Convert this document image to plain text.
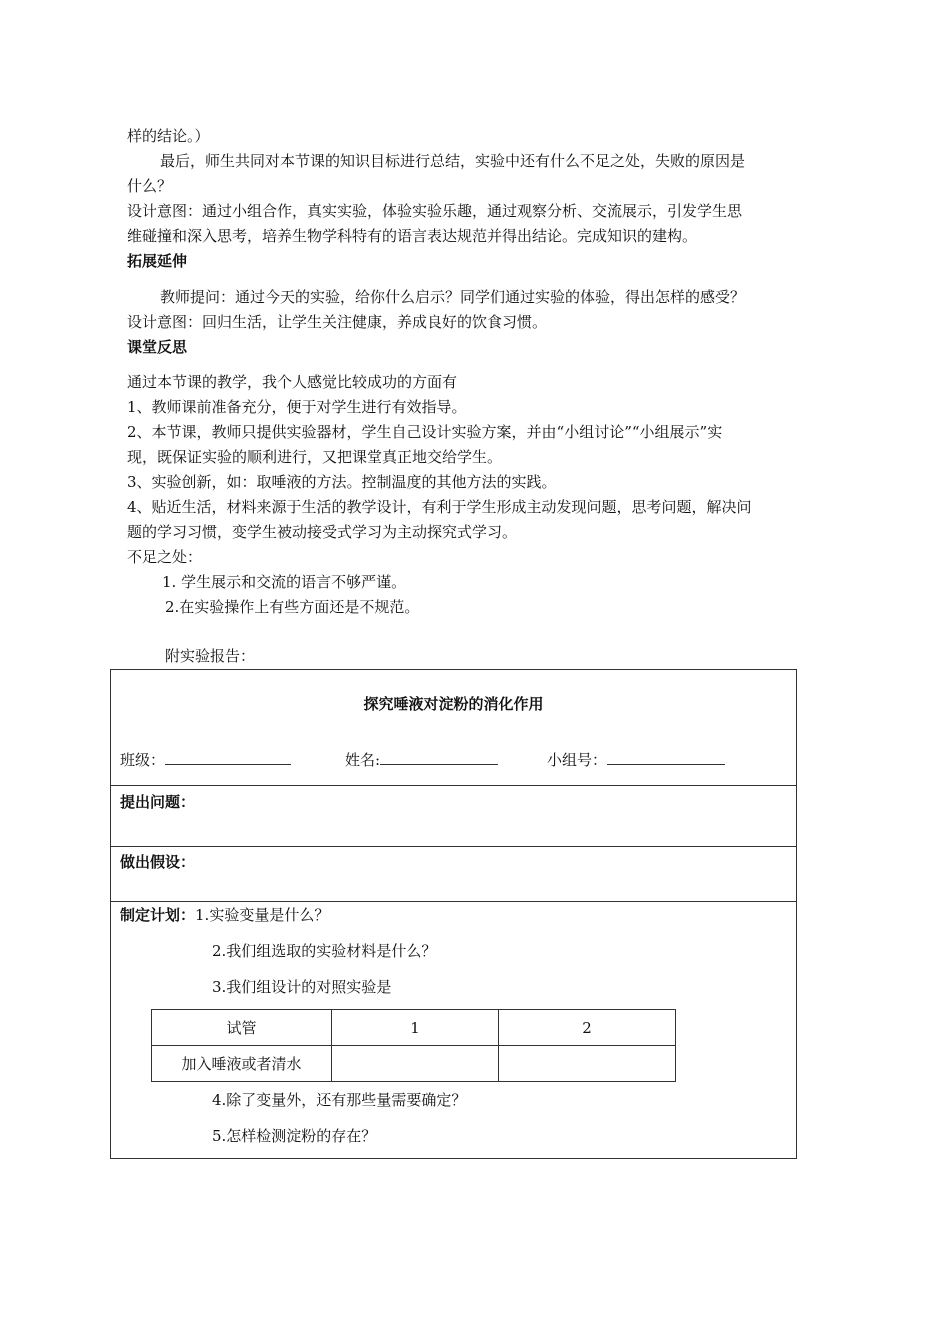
样的结论。）
最后，师生共同对本节课的知识目标进行总结，实验中还有什么不足之处，失败的原因是
什么？
设计意图：通过小组合作，真实实验，体验实验乐趣，通过观察分析、交流展示，引发学生思
维碰撞和深入思考，培养生物学科特有的语言表达规范并得出结论。完成知识的建构。
拓展延伸
教师提问：通过今天的实验，给你什么启示？同学们通过实验的体验，得出怎样的感受？
设计意图：回归生活，让学生关注健康，养成良好的饮食习惯。
课堂反思
通过本节课的教学，我个人感觉比较成功的方面有
1、教师课前准备充分，便于对学生进行有效指导。
2、本节课，教师只提供实验器材，学生自己设计实验方案，并由“小组讨论”“小组展示”实
现，既保证实验的顺利进行，又把课堂真正地交给学生。
3、实验创新，如：取唾液的方法。控制温度的其他方法的实践。
4、贴近生活，材料来源于生活的教学设计，有利于学生形成主动发现问题，思考问题，解决问
题的学习习惯，变学生被动接受式学习为主动探究式学习。
不足之处：
1. 学生展示和交流的语言不够严谨。
2.在实验操作上有些方面还是不规范。
附实验报告：
探究唾液对淀粉的消化作用
班级：	姓名:	小组号：
提出问题：
做出假设：
制定计划：1.实验变量是什么？
2.我们组选取的实验材料是什么？
3.我们组设计的对照实验是
试管	1	2
加入唾液或者清水		
4.除了变量外，还有那些量需要确定？
5.怎样检测淀粉的存在？
